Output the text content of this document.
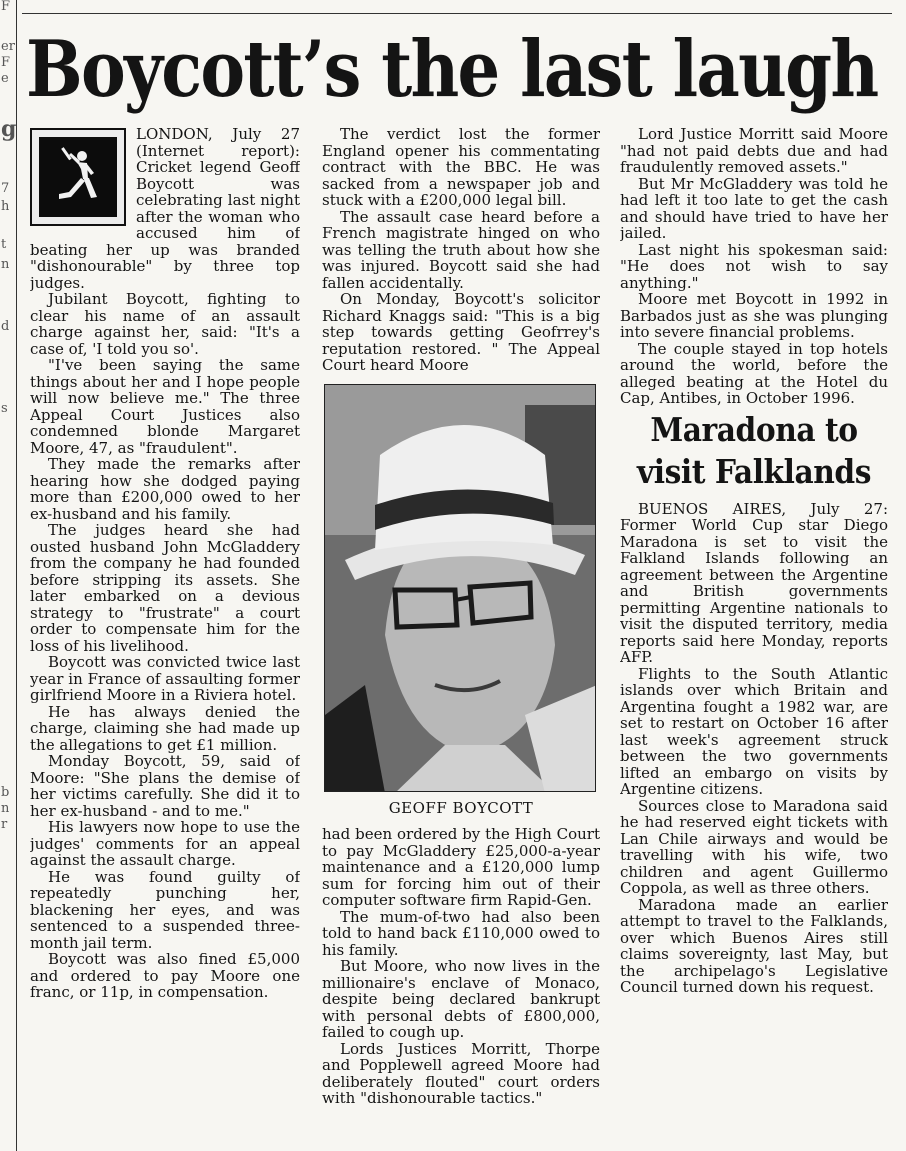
F
er
F
e
g
7
h
t
n
d
s
b
n
r
Boycott’s the last laugh

LONDON, July 27 (Internet report): Cricket legend Geoff Boycott was celebrating last night after the woman who accused him of beating her up was branded "dishonourable" by three top judges.

Jubilant Boycott, fighting to clear his name of an assault charge against her, said: "It's a case of, 'I told you so'.

"I've been saying the same things about her and I hope people will now believe me." The three Appeal Court Justices also condemned blonde Margaret Moore, 47, as "fraudulent".

They made the remarks after hearing how she dodged paying more than £200,000 owed to her ex-husband and his family.

The judges heard she had ousted husband John McGladdery from the company he had founded before stripping its assets. She later embarked on a devious strategy to "frustrate" a court order to compensate him for the loss of his livelihood.

Boycott was convicted twice last year in France of assaulting former girlfriend Moore in a Riviera hotel.

He has always denied the charge, claiming she had made up the allegations to get £1 million.

Monday Boycott, 59, said of Moore: "She plans the demise of her victims carefully. She did it to her ex-husband - and to me."

His lawyers now hope to use the judges' comments for an appeal against the assault charge.

He was found guilty of repeatedly punching her, blackening her eyes, and was sentenced to a suspended three-month jail term.

Boycott was also fined £5,000 and ordered to pay Moore one franc, or 11p, in compensation.

The verdict lost the former England opener his commentating contract with the BBC. He was sacked from a newspaper job and stuck with a £200,000 legal bill.

The assault case heard before a French magistrate hinged on who was telling the truth about how she was injured. Boycott said she had fallen accidentally.

On Monday, Boycott's solicitor Richard Knaggs said: "This is a big step towards getting Geofrrey's reputation restored. " The Appeal Court heard Moore

GEOFF BOYCOTT

had been ordered by the High Court to pay McGladdery £25,000-a-year maintenance and a £120,000 lump sum for forcing him out of their computer software firm Rapid-Gen.

The mum-of-two had also been told to hand back £110,000 owed to his family.

But Moore, who now lives in the millionaire's enclave of Monaco, despite being declared bankrupt with personal debts of £800,000, failed to cough up.

Lords Justices Morritt, Thorpe and Popplewell agreed Moore had deliberately flouted" court orders with "dishonourable tactics."

Lord Justice Morritt said Moore "had not paid debts due and had fraudulently removed assets."

But Mr McGladdery was told he had left it too late to get the cash and should have tried to have her jailed.

Last night his spokesman said: "He does not wish to say anything."

Moore met Boycott in 1992 in Barbados just as she was plunging into severe financial problems.

The couple stayed in top hotels around the world, before the alleged beating at the Hotel du Cap, Antibes, in October 1996.

Maradona to visit Falklands

BUENOS AIRES, July 27: Former World Cup star Diego Maradona is set to visit the Falkland Islands following an agreement between the Argentine and British governments permitting Argentine nationals to visit the disputed territory, media reports said here Monday, reports AFP.

Flights to the South Atlantic islands over which Britain and Argentina fought a 1982 war, are set to restart on October 16 after last week's agreement struck between the two governments lifted an embargo on visits by Argentine citizens.

Sources close to Maradona said he had reserved eight tickets with Lan Chile airways and would be travelling with his wife, two children and agent Guillermo Coppola, as well as three others.

Maradona made an earlier attempt to travel to the Falklands, over which Buenos Aires still claims sovereignty, last May, but the archipelago's Legislative Council turned down his request.
